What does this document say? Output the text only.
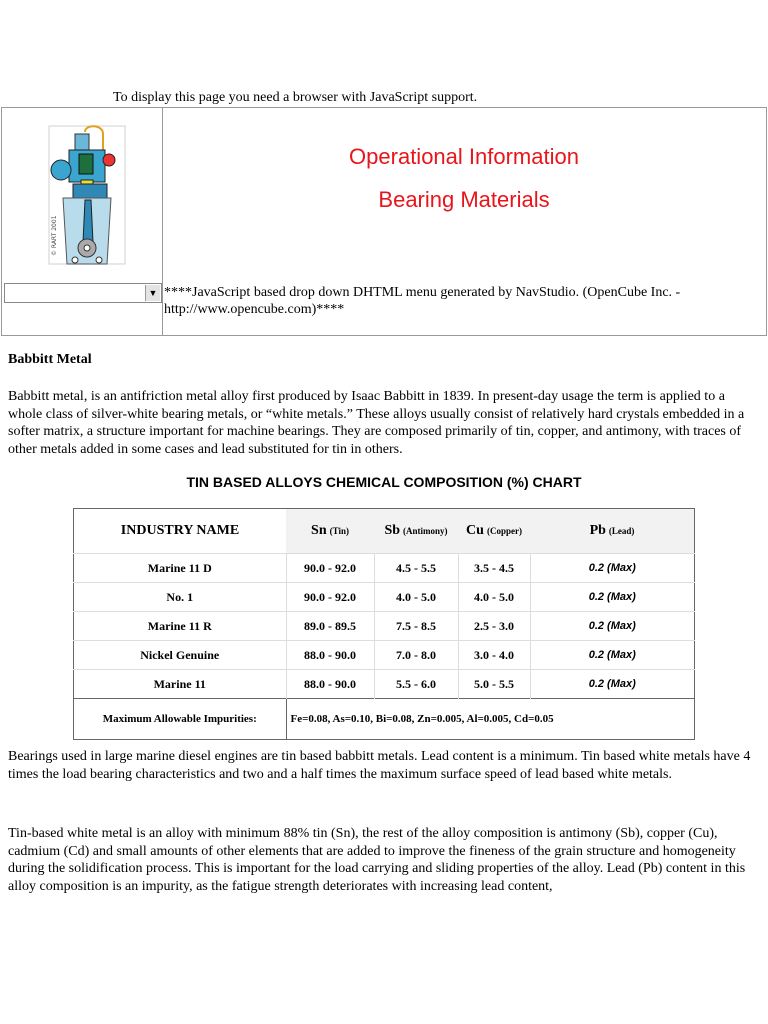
To display this page you need a browser with JavaScript support.
© RART 2001
Operational Information
Bearing Materials
▼ ****JavaScript based drop down DHTML menu generated by NavStudio. (OpenCube Inc. - http://www.opencube.com)****
Babbitt Metal
Babbitt metal, is an antifriction metal alloy first produced by Isaac Babbitt in 1839. In present-day usage the term is applied to a whole class of silver-white bearing metals, or “white metals.” These alloys usually consist of relatively hard crystals embedded in a softer matrix, a structure important for machine bearings. They are composed primarily of tin, copper, and antimony, with traces of other metals added in some cases and lead substituted for tin in others.
TIN BASED ALLOYS CHEMICAL COMPOSITION (%) CHART
INDUSTRY NAME	Sn (Tin)	Sb (Antimony)	Cu (Copper)	Pb (Lead)
Marine 11 D	90.0 - 92.0	4.5 - 5.5	3.5 - 4.5	0.2 (Max)
No. 1	90.0 - 92.0	4.0 - 5.0	4.0 - 5.0	0.2 (Max)
Marine 11 R	89.0 - 89.5	7.5 - 8.5	2.5 - 3.0	0.2 (Max)
Nickel Genuine	88.0 - 90.0	7.0 - 8.0	3.0 - 4.0	0.2 (Max)
Marine 11	88.0 - 90.0	5.5 - 6.0	5.0 - 5.5	0.2 (Max)
Maximum Allowable Impurities:	Fe=0.08, As=0.10, Bi=0.08, Zn=0.005, Al=0.005, Cd=0.05			
Bearings used in large marine diesel engines are tin based babbitt metals. Lead content is a minimum. Tin based white metals have 4 times the load bearing characteristics and two and a half times the maximum surface speed of lead based white metals.
Tin-based white metal is an alloy with minimum 88% tin (Sn), the rest of the alloy composition is antimony (Sb), copper (Cu), cadmium (Cd) and small amounts of other elements that are added to improve the fineness of the grain structure and homogeneity during the solidification process. This is important for the load carrying and sliding properties of the alloy. Lead (Pb) content in this alloy composition is an impurity, as the fatigue strength deteriorates with increasing lead content,
